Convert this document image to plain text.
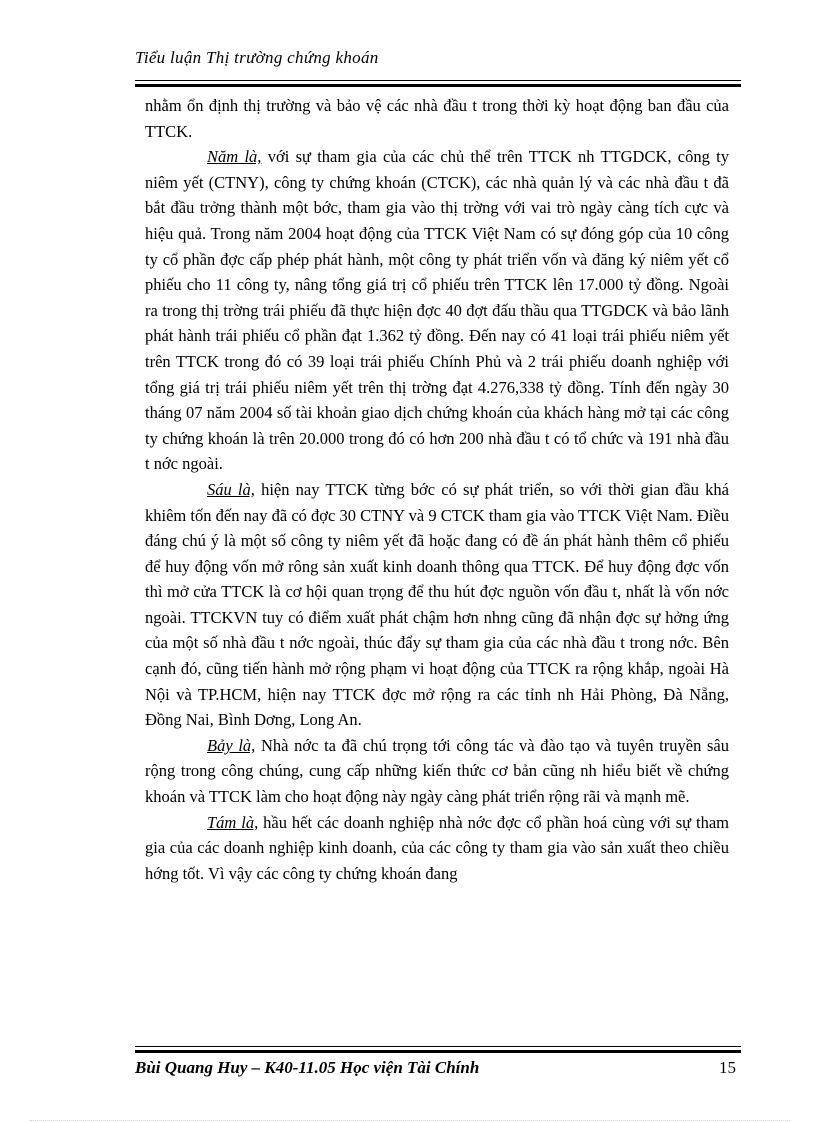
Tiểu luận Thị trường chứng khoán

nhằm ổn định thị trường và bảo vệ các nhà đầu t trong thời kỳ hoạt động ban đầu của TTCK.

Năm là, với sự tham gia của các chủ thể trên TTCK nh TTGDCK, công ty niêm yết (CTNY), công ty chứng khoán (CTCK), các nhà quản lý và các nhà đầu t đã bắt đầu trởng thành một bớc, tham gia vào thị trờng với vai trò ngày càng tích cực và hiệu quả. Trong năm 2004 hoạt động của TTCK Việt Nam có sự đóng góp của 10 công ty cổ phần đợc cấp phép phát hành, một công ty phát triển vốn và đăng ký niêm yết cổ phiếu cho 11 công ty, nâng tổng giá trị cổ phiếu trên TTCK lên 17.000 tỷ đồng. Ngoài ra trong thị trờng trái phiếu đã thực hiện đợc 40 đợt đấu thầu qua TTGDCK và bảo lãnh phát hành trái phiếu cổ phần đạt 1.362 tỷ đồng. Đến nay có 41 loại trái phiếu niêm yết trên TTCK trong đó có 39 loại trái phiếu Chính Phủ và 2 trái phiếu doanh nghiệp với tổng giá trị trái phiếu niêm yết trên thị trờng đạt 4.276,338 tỷ đồng. Tính đến ngày 30 tháng 07 năm 2004 số tài khoản giao dịch chứng khoán của khách hàng mở tại các công ty chứng khoán là trên 20.000 trong đó có hơn 200 nhà đầu t có tổ chức và 191 nhà đầu t nớc ngoài.

Sáu là, hiện nay TTCK từng bớc có sự phát triển, so với thời gian đầu khá khiêm tốn đến nay đã có đợc 30 CTNY và 9 CTCK tham gia vào TTCK Việt Nam. Điều đáng chú ý là một số công ty niêm yết đã hoặc đang có đề án phát hành thêm cổ phiếu để huy động vốn mở rông sản xuất kinh doanh thông qua TTCK. Để huy động đợc vốn thì mở cửa TTCK là cơ hội quan trọng để thu hút đợc nguồn vốn đầu t, nhất là vốn nớc ngoài. TTCKVN tuy có điểm xuất phát chậm hơn nhng cũng đã nhận đợc sự hởng ứng của một số nhà đầu t nớc ngoài, thúc đẩy sự tham gia của các nhà đầu t trong nớc. Bên cạnh đó, cũng tiến hành mở rộng phạm vi hoạt động của TTCK ra rộng khắp, ngoài Hà Nội và TP.HCM, hiện nay TTCK đợc mở rộng ra các tỉnh nh Hải Phòng, Đà Nẵng, Đồng Nai, Bình Dơng, Long An.

Bảy là, Nhà nớc ta đã chú trọng tới công tác và đào tạo và tuyên truyền sâu rộng trong công chúng, cung cấp những kiến thức cơ bản cũng nh hiểu biết về chứng khoán và TTCK làm cho hoạt động này ngày càng phát triển rộng rãi và mạnh mẽ.

Tám là, hầu hết các doanh nghiệp nhà nớc đợc cổ phần hoá cùng với sự tham gia của các doanh nghiệp kinh doanh, của các công ty tham gia vào sản xuất theo chiều hớng tốt. Vì vậy các công ty chứng khoán đang

Bùi Quang Huy – K40-11.05 Học viện Tài Chính	15
